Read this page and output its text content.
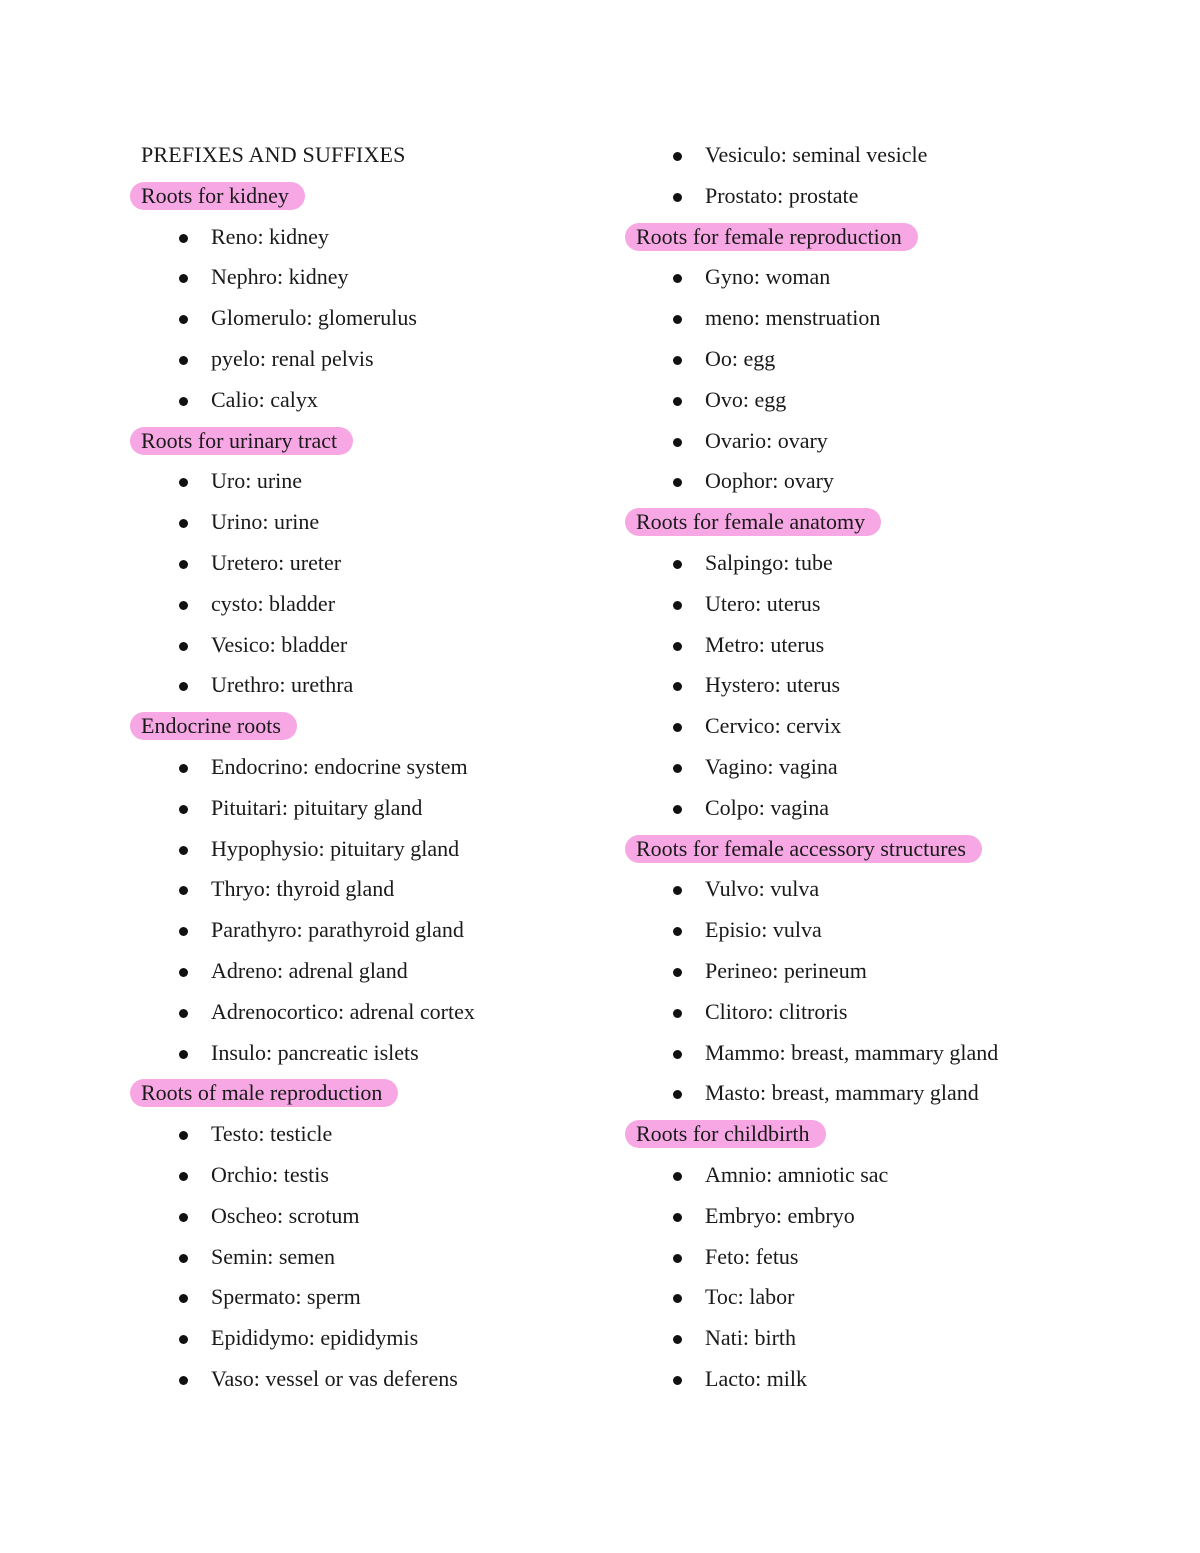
PREFIXES AND SUFFIXES
Roots for kidney
Reno: kidney
Nephro: kidney
Glomerulo: glomerulus
pyelo: renal pelvis
Calio: calyx
Roots for urinary tract
Uro: urine
Urino: urine
Uretero: ureter
cysto: bladder
Vesico: bladder
Urethro: urethra
Endocrine roots
Endocrino: endocrine system
Pituitari: pituitary gland
Hypophysio: pituitary gland
Thryo: thyroid gland
Parathyro: parathyroid gland
Adreno: adrenal gland
Adrenocortico: adrenal cortex
Insulo: pancreatic islets
Roots of male reproduction
Testo: testicle
Orchio: testis
Oscheo: scrotum
Semin: semen
Spermato: sperm
Epididymo: epididymis
Vaso: vessel or vas deferens
Vesiculo: seminal vesicle
Prostato: prostate
Roots for female reproduction
Gyno: woman
meno: menstruation
Oo: egg
Ovo: egg
Ovario: ovary
Oophor: ovary
Roots for female anatomy
Salpingo: tube
Utero: uterus
Metro: uterus
Hystero: uterus
Cervico: cervix
Vagino: vagina
Colpo: vagina
Roots for female accessory structures
Vulvo: vulva
Episio: vulva
Perineo: perineum
Clitoro: clitroris
Mammo: breast, mammary gland
Masto: breast, mammary gland
Roots for childbirth
Amnio: amniotic sac
Embryo: embryo
Feto: fetus
Toc: labor
Nati: birth
Lacto: milk
